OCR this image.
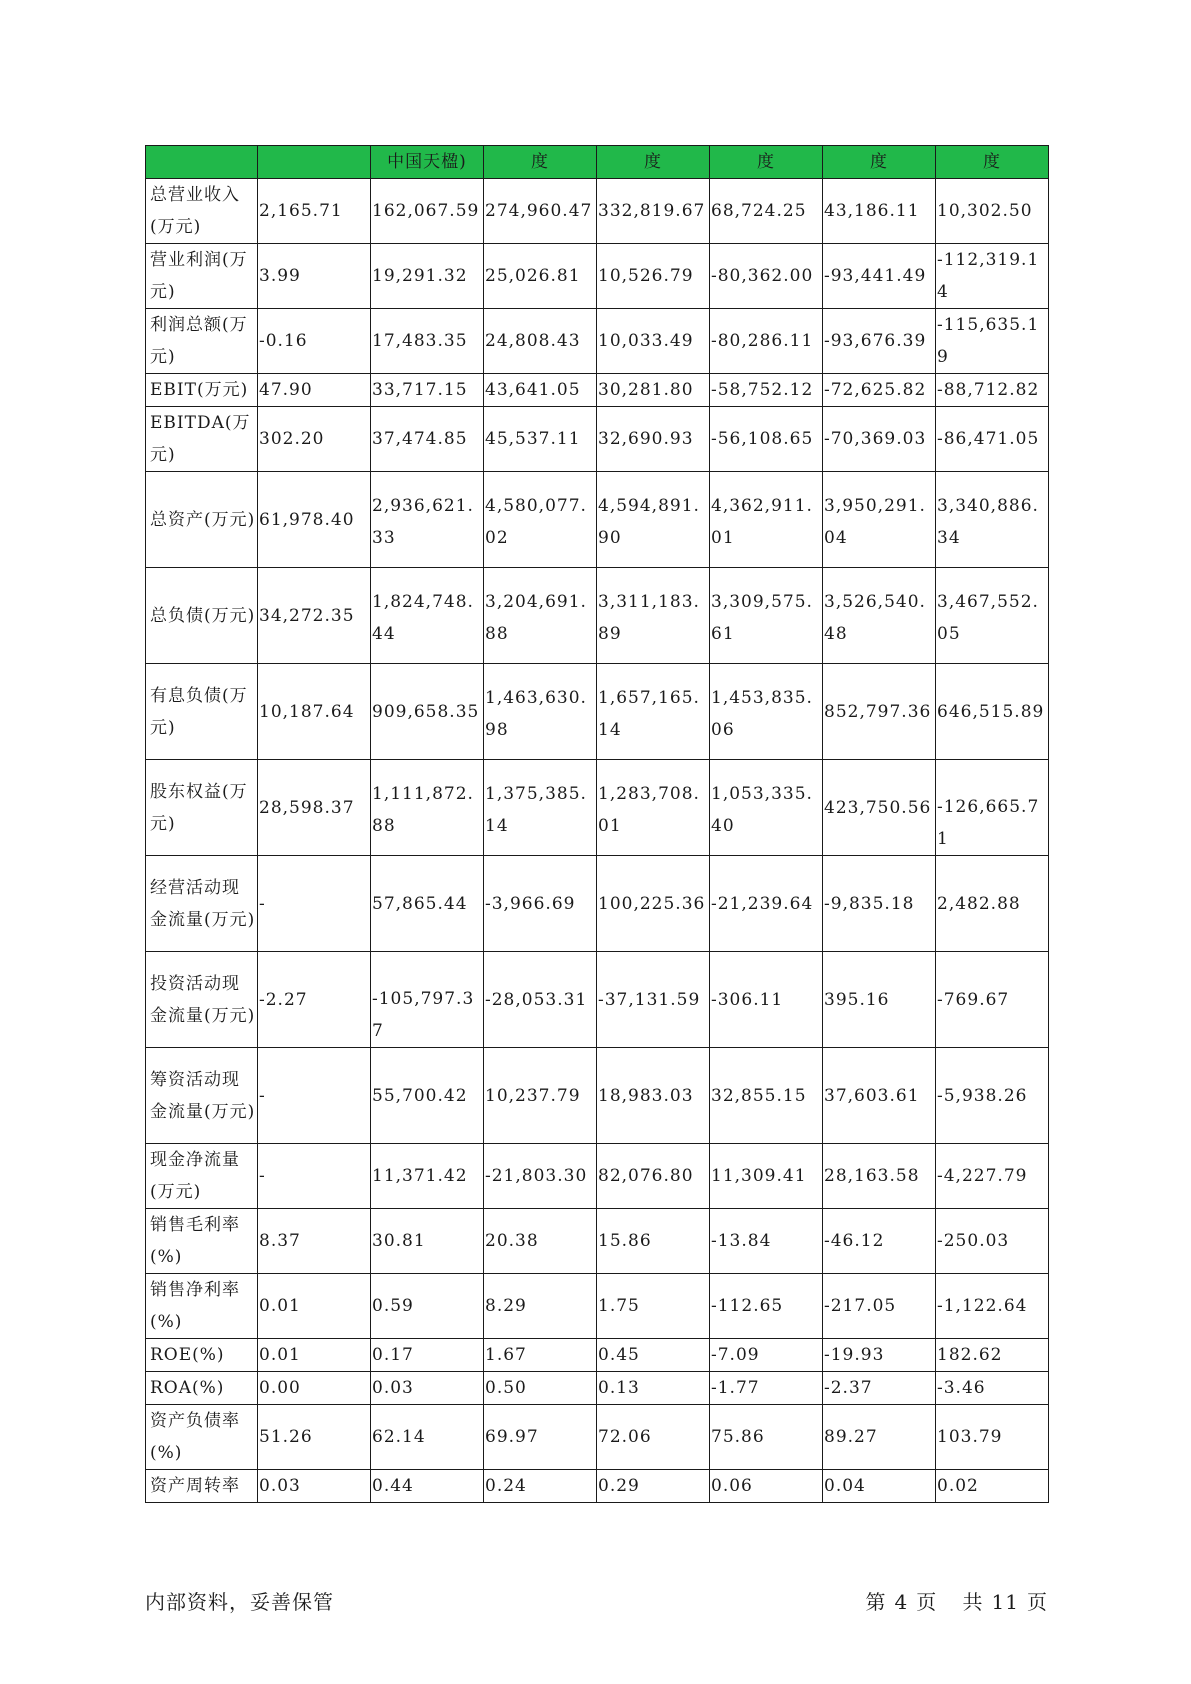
		中国天楹)	度	度	度	度	度
总营业收入(万元)	2,165.71	162,067.59	274,960.47	332,819.67	68,724.25	43,186.11	10,302.50
营业利润(万元)	3.99	19,291.32	25,026.81	10,526.79	-80,362.00	-93,441.49	-112,319.14
利润总额(万元)	-0.16	17,483.35	24,808.43	10,033.49	-80,286.11	-93,676.39	-115,635.19
EBIT(万元)	47.90	33,717.15	43,641.05	30,281.80	-58,752.12	-72,625.82	-88,712.82
EBITDA(万元)	302.20	37,474.85	45,537.11	32,690.93	-56,108.65	-70,369.03	-86,471.05
总资产(万元)	61,978.40	2,936,621.33	4,580,077.02	4,594,891.90	4,362,911.01	3,950,291.04	3,340,886.34
总负债(万元)	34,272.35	1,824,748.44	3,204,691.88	3,311,183.89	3,309,575.61	3,526,540.48	3,467,552.05
有息负债(万元)	10,187.64	909,658.35	1,463,630.98	1,657,165.14	1,453,835.06	852,797.36	646,515.89
股东权益(万元)	28,598.37	1,111,872.88	1,375,385.14	1,283,708.01	1,053,335.40	423,750.56	-126,665.71
经营活动现金流量(万元)	-	57,865.44	-3,966.69	100,225.36	-21,239.64	-9,835.18	2,482.88
投资活动现金流量(万元)	-2.27	-105,797.37	-28,053.31	-37,131.59	-306.11	395.16	-769.67
筹资活动现金流量(万元)	-	55,700.42	10,237.79	18,983.03	32,855.15	37,603.61	-5,938.26
现金净流量(万元)	-	11,371.42	-21,803.30	82,076.80	11,309.41	28,163.58	-4,227.79
销售毛利率(%)	8.37	30.81	20.38	15.86	-13.84	-46.12	-250.03
销售净利率(%)	0.01	0.59	8.29	1.75	-112.65	-217.05	-1,122.64
ROE(%)	0.01	0.17	1.67	0.45	-7.09	-19.93	182.62
ROA(%)	0.00	0.03	0.50	0.13	-1.77	-2.37	-3.46
资产负债率(%)	51.26	62.14	69.97	72.06	75.86	89.27	103.79
资产周转率	0.03	0.44	0.24	0.29	0.06	0.04	0.02
内部资料，妥善保管	第 4 页 共 11 页
